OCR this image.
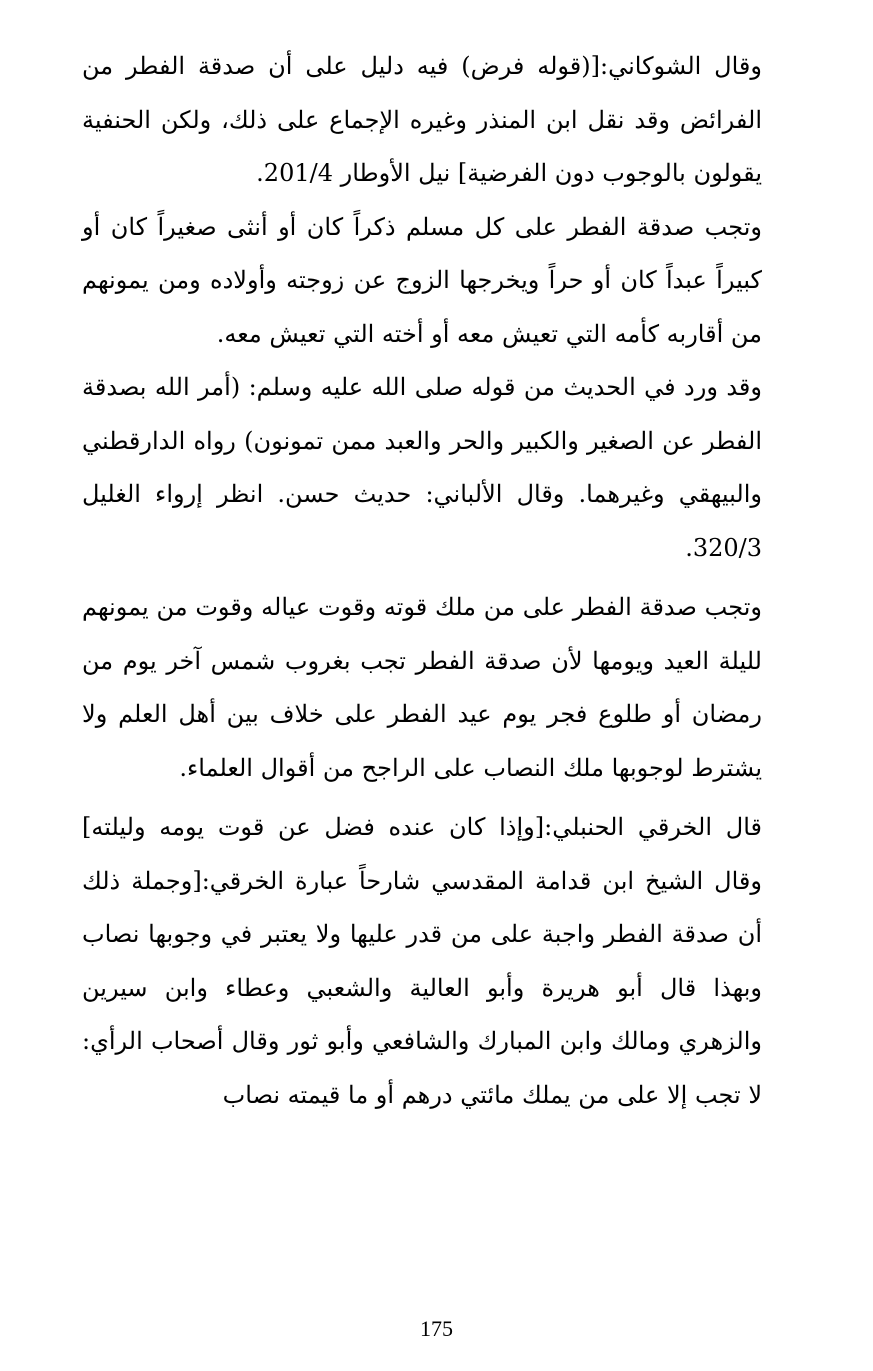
وقال الشوكاني:[(قوله فرض) فيه دليل على أن صدقة الفطر من الفرائض وقد نقل ابن المنذر وغيره الإجماع على ذلك، ولكن الحنفية يقولون بالوجوب دون الفرضية] نيل الأوطار 201/4.

وتجب صدقة الفطر على كل مسلم ذكراً كان أو أنثى صغيراً كان أو كبيراً عبداً كان أو حراً ويخرجها الزوج عن زوجته وأولاده ومن يمونهم من أقاربه كأمه التي تعيش معه أو أخته التي تعيش معه.

وقد ورد في الحديث من قوله صلى الله عليه وسلم: (أمر الله بصدقة الفطر عن الصغير والكبير والحر والعبد ممن تمونون) رواه الدارقطني والبيهقي وغيرهما. وقال الألباني: حديث حسن. انظر إرواء الغليل 320/3.

وتجب صدقة الفطر على من ملك قوته وقوت عياله وقوت من يمونهم لليلة العيد ويومها لأن صدقة الفطر تجب بغروب شمس آخر يوم من رمضان أو طلوع فجر يوم عيد الفطر على خلاف بين أهل العلم ولا يشترط لوجوبها ملك النصاب على الراجح من أقوال العلماء.

قال الخرقي الحنبلي:[وإذا كان عنده فضل عن قوت يومه وليلته] وقال الشيخ ابن قدامة المقدسي شارحاً عبارة الخرقي:[وجملة ذلك أن صدقة الفطر واجبة على من قدر عليها ولا يعتبر في وجوبها نصاب وبهذا قال أبو هريرة وأبو العالية والشعبي وعطاء وابن سيرين والزهري ومالك وابن المبارك والشافعي وأبو ثور وقال أصحاب الرأي: لا تجب إلا على من يملك مائتي درهم أو ما قيمته نصاب

175
